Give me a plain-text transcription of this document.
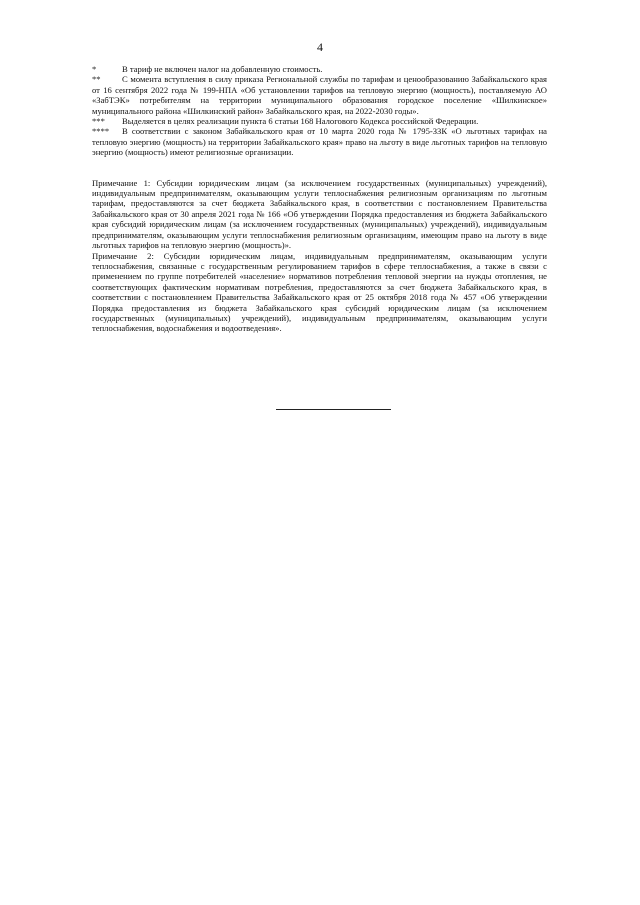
4

*	В тариф не включен налог на добавленную стоимость.

** С момента вступления в силу приказа Региональной службы по тарифам и ценообразованию Забайкальского края от 16 сентября 2022 года № 199-НПА «Об установлении тарифов на тепловую энергию (мощность), поставляемую АО «ЗабТЭК» потребителям на территории муниципального образования городское поселение «Шилкинское» муниципального района «Шилкинский район» Забайкальского края, на 2022-2030 годы».

*** Выделяется в целях реализации пункта 6 статьи 168 Налогового Кодекса российской Федерации.

**** В соответствии с законом Забайкальского края от 10 марта 2020 года № 1795-ЗЗК «О льготных тарифах на тепловую энергию (мощность) на территории Забайкальского края» право на льготу в виде льготных тарифов на тепловую энергию (мощность) имеют религиозные организации.

Примечание 1: Субсидии юридическим лицам (за исключением государственных (муниципальных) учреждений), индивидуальным предпринимателям, оказывающим услуги теплоснабжения религиозным организациям по льготным тарифам, предоставляются за счет бюджета Забайкальского края, в соответствии с постановлением Правительства Забайкальского края от 30 апреля 2021 года № 166 «Об утверждении Порядка предоставления из бюджета Забайкальского края субсидий юридическим лицам (за исключением государственных (муниципальных) учреждений), индивидуальным предпринимателям, оказывающим услуги теплоснабжения религиозным организациям, имеющим право на льготу в виде льготных тарифов на тепловую энергию (мощность)».

Примечание 2: Субсидии юридическим лицам, индивидуальным предпринимателям, оказывающим услуги теплоснабжения, связанные с государственным регулированием тарифов в сфере теплоснабжения, а также в связи с применением по группе потребителей «население» нормативов потребления тепловой энергии на нужды отопления, не соответствующих фактическим нормативам потребления, предоставляются за счет бюджета Забайкальского края, в соответствии с постановлением Правительства Забайкальского края от 25 октября 2018 года № 457 «Об утверждении Порядка предоставления из бюджета Забайкальского края субсидий юридическим лицам (за исключением государственных (муниципальных) учреждений), индивидуальным предпринимателям, оказывающим услуги теплоснабжения, водоснабжения и водоотведения».
